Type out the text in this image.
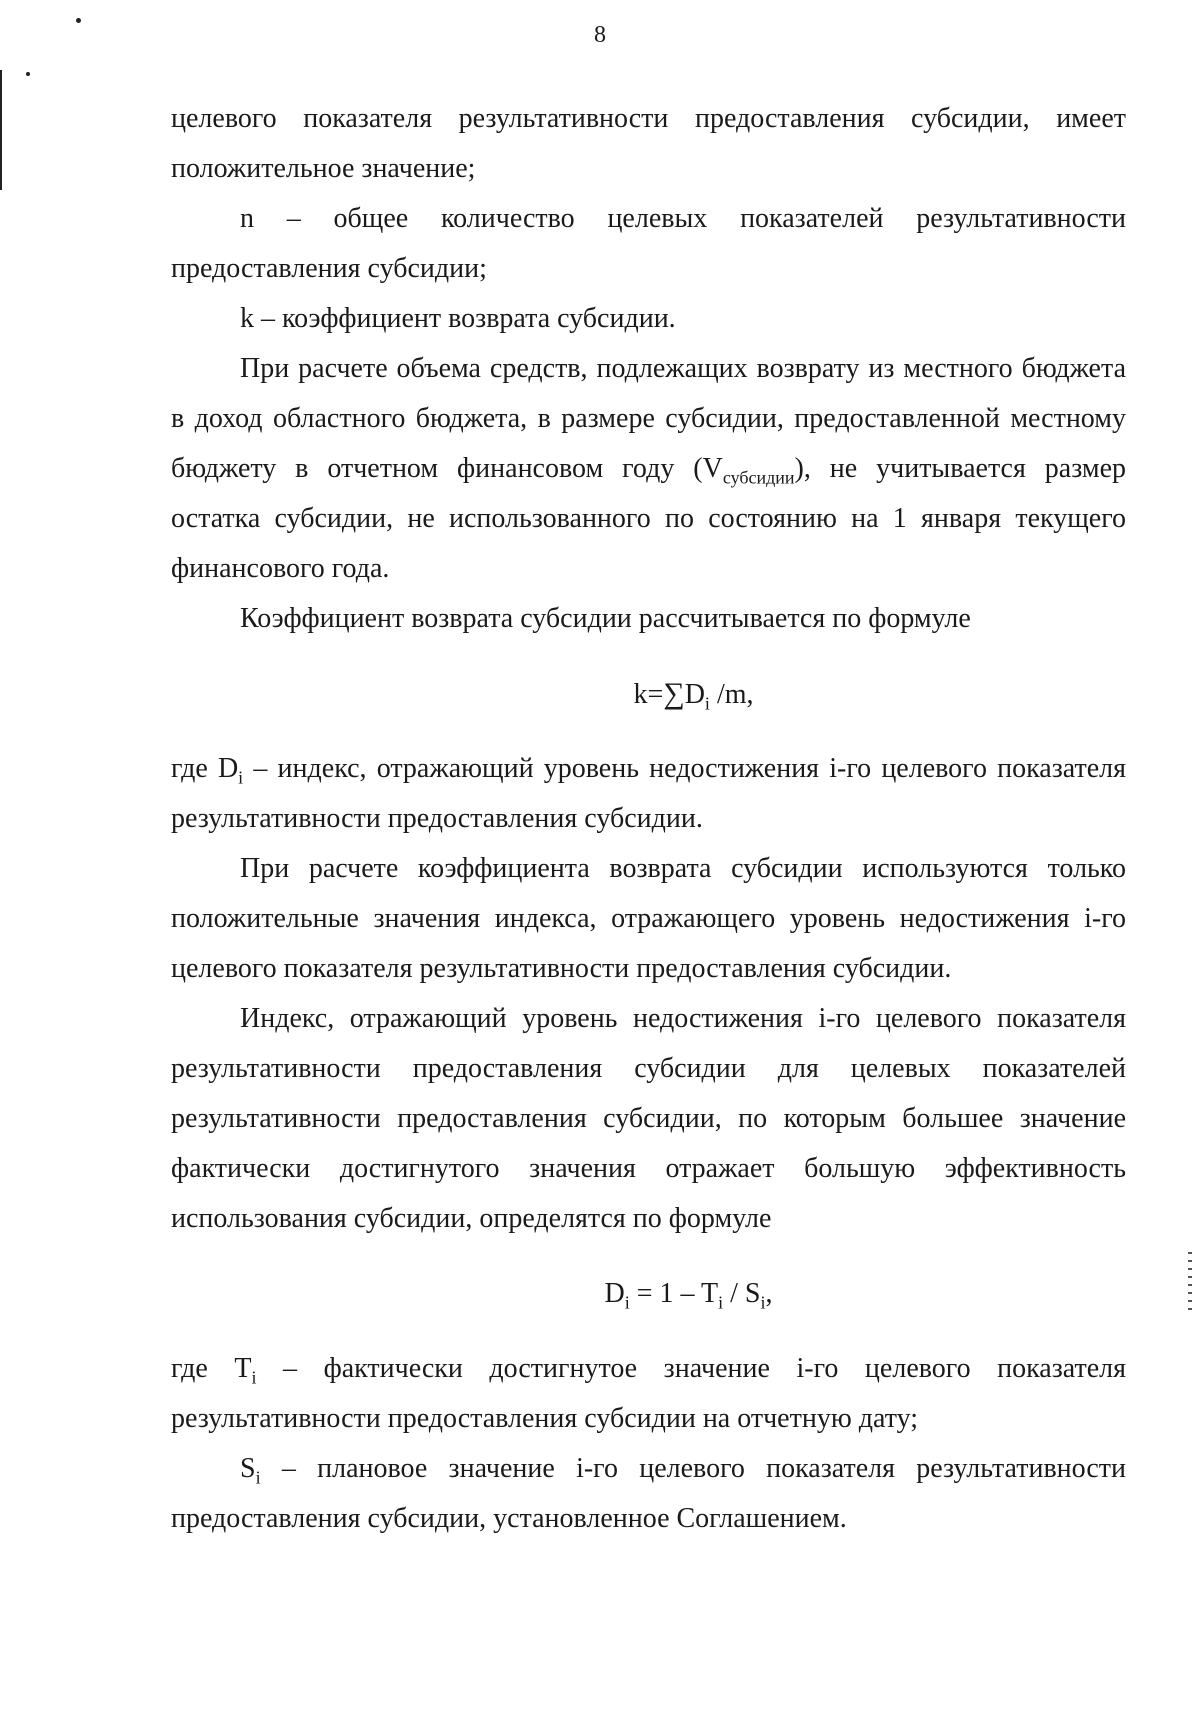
8

целевого показателя результативности предоставления субсидии, имеет положительное значение;

n – общее количество целевых показателей результативности предоставления субсидии;

k – коэффициент возврата субсидии.

При расчете объема средств, подлежащих возврату из местного бюджета в доход областного бюджета, в размере субсидии, предоставленной местному бюджету в отчетном финансовом году $(V_{субсидии})$, не учитывается размер остатка субсидии, не использованного по состоянию на 1 января текущего финансового года.

Коэффициент возврата субсидии рассчитывается по формуле

$k=\sum D_i$ /m,

где $D_i$ – индекс, отражающий уровень недостижения i-го целевого показателя результативности предоставления субсидии.

При расчете коэффициента возврата субсидии используются только положительные значения индекса, отражающего уровень недостижения i-го целевого показателя результативности предоставления субсидии.

Индекс, отражающий уровень недостижения i-го целевого показателя результативности предоставления субсидии для целевых показателей результативности предоставления субсидии, по которым большее значение фактически достигнутого значения отражает большую эффективность использования субсидии, определятся по формуле

$D_i = 1 - T_i / S_i$,

где $T_i$ – фактически достигнутое значение i-го целевого показателя результативности предоставления субсидии на отчетную дату;

$S_i$ – плановое значение i-го целевого показателя результативности предоставления субсидии, установленное Соглашением.
